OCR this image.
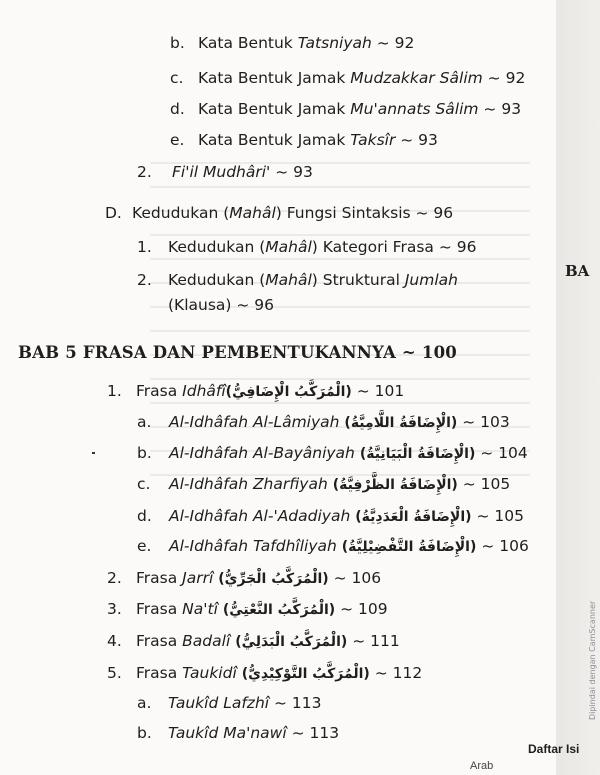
b. Kata Bentuk Tatsniyah ~ 92
c. Kata Bentuk Jamak Mudzakkar Sâlim ~ 92
d. Kata Bentuk Jamak Mu'annats Sâlim ~ 93
e. Kata Bentuk Jamak Taksîr ~ 93
2. Fi'il Mudhâri' ~ 93
D. Kedudukan (Mahâl) Fungsi Sintaksis ~ 96
1. Kedudukan (Mahâl) Kategori Frasa ~ 96
2. Kedudukan (Mahâl) Struktural Jumlah
(Klausa) ~ 96
BAB 5 FRASA DAN PEMBENTUKANNYA ~ 100
1. Frasa Idhâfî(الْمُرَكَّبُ الْإِضَافِيُّ) ~ 101
a. Al-Idhâfah Al-Lâmiyah (الْإِضَافَةُ اللَّامِيَّةُ) ~ 103
b. Al-Idhâfah Al-Bayâniyah (الْإِضَافَةُ الْبَيَانِيَّةُ) ~ 104
c. Al-Idhâfah Zharfiyah (الْإِضَافَةُ الظَّرْفِيَّةُ) ~ 105
d. Al-Idhâfah Al-'Adadiyah (الْإِضَافَةُ الْعَدَدِيَّةُ) ~ 105
e. Al-Idhâfah Tafdhîliyah (الْإِضَافَةُ التَّفْضِيْلِيَّةُ) ~ 106
2. Frasa Jarrî (الْمُرَكَّبُ الْجَرِّيُّ) ~ 106
3. Frasa Na'tî (الْمُرَكَّبُ النَّعْتِيُّ) ~ 109
4. Frasa Badalî (الْمُرَكَّبُ الْبَدَلِيُّ) ~ 111
5. Frasa Taukidî (الْمُرَكَّبُ التَّوْكِيْدِيُّ) ~ 112
a. Taukîd Lafzhî ~ 113
b. Taukîd Ma'nawî ~ 113
BA
Daftar Isi
Arab
Dipindai dengan CamScanner
